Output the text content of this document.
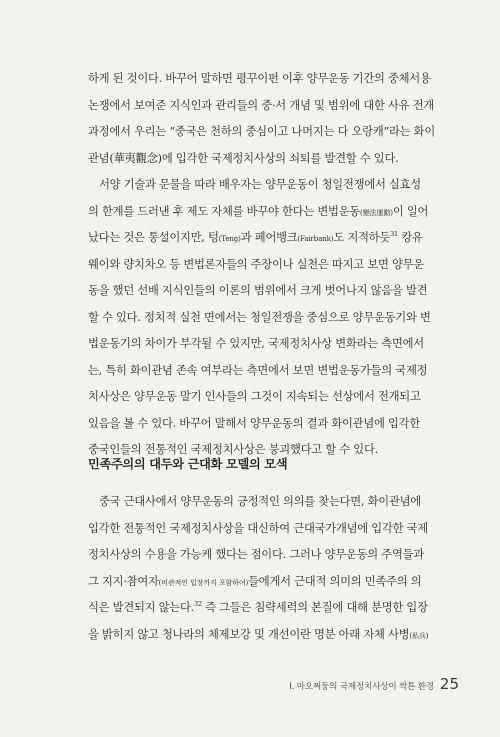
하게 된 것이다. 바꾸어 말하면 평꾸이펀 이후 양무운동 기간의 중체서용
논쟁에서 보여준 지식인과 관리들의 중·서 개념 및 범위에 대한 사유 전개
과정에서 우리는 “중국은 천하의 중심이고 나머지는 다 오랑캐”라는 화이
관념(華夷觀念)에 입각한 국제정치사상의 쇠퇴를 발견할 수 있다.
서양 기술과 문물을 따라 배우자는 양무운동이 청일전쟁에서 실효성
의 한계를 드러낸 후 제도 자체를 바꾸야 한다는 변법운동(變法運動)이 일어
났다는 것은 통설이지만, 텅(Teng)과 페어뱅크(Fairbank)도 지적하듯$^{31}$ 캉유
웨이와 량치차오 등 변법론자들의 주장이나 실천은 따지고 보면 양무운
동을 했던 선배 지식인들의 이론의 범위에서 크게 벗어나지 않음을 발견
할 수 있다. 정치적 실천 면에서는 청일전쟁을 중심으로 양무운동기와 변
법운동기의 차이가 부각될 수 있지만, 국제정치사상 변화라는 측면에서
는, 특히 화이관념 존속 여부라는 측면에서 보면 변법운동가들의 국제정
치사상은 양무운동 말기 인사들의 그것이 지속되는 선상에서 전개되고
있음을 볼 수 있다. 바꾸어 말해서 양무운동의 결과 화이관념에 입각한
중국인들의 전통적인 국제정치사상은 붕괴했다고 할 수 있다.
민족주의의 대두와 근대화 모델의 모색
중국 근대사에서 양무운동의 긍정적인 의의를 찾는다면, 화이관념에
입각한 전통적인 국제정치사상을 대신하여 근대국가개념에 입각한 국제
정치사상의 수용을 가능케 했다는 점이다. 그러나 양무운동의 주역들과
그 지지·참여자(비관적인 입장까지 포함하여)들에게서 근대적 의미의 민족주의 의
식은 발견되지 않는다.$^{32}$ 즉 그들은 침략세력의 본질에 대해 분명한 입장
을 밝히지 않고 청나라의 체제보강 및 개선이란 명분 아래 자체 사병(私兵)
I. 마오쩌둥의 국제정치사상이 싹튼 환경 25
